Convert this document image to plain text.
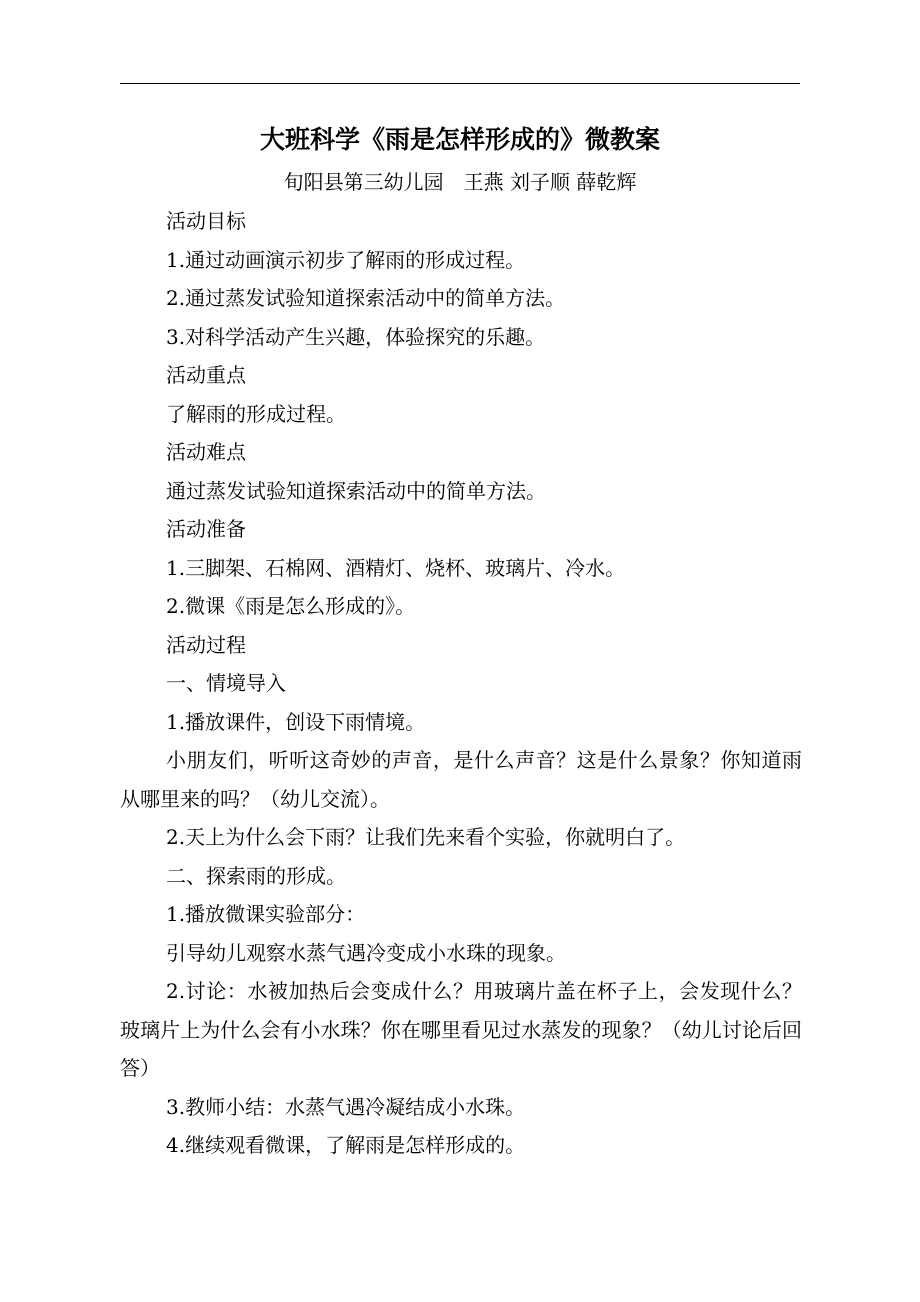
大班科学《雨是怎样形成的》微教案
旬阳县第三幼儿园　王燕 刘子顺 薛乾辉

活动目标

1.通过动画演示初步了解雨的形成过程。

2.通过蒸发试验知道探索活动中的简单方法。

3.对科学活动产生兴趣，体验探究的乐趣。

活动重点

了解雨的形成过程。

活动难点

通过蒸发试验知道探索活动中的简单方法。

活动准备

1.三脚架、石棉网、酒精灯、烧杯、玻璃片、冷水。

2.微课《雨是怎么形成的》。

活动过程

一、情境导入

1.播放课件，创设下雨情境。

小朋友们，听听这奇妙的声音，是什么声音？这是什么景象？你知道雨从哪里来的吗？（幼儿交流）。

2.天上为什么会下雨？让我们先来看个实验，你就明白了。

二、探索雨的形成。

1.播放微课实验部分：

引导幼儿观察水蒸气遇冷变成小水珠的现象。

2.讨论：水被加热后会变成什么？用玻璃片盖在杯子上，会发现什么？玻璃片上为什么会有小水珠？你在哪里看见过水蒸发的现象？（幼儿讨论后回答）

3.教师小结：水蒸气遇冷凝结成小水珠。

4.继续观看微课，了解雨是怎样形成的。
